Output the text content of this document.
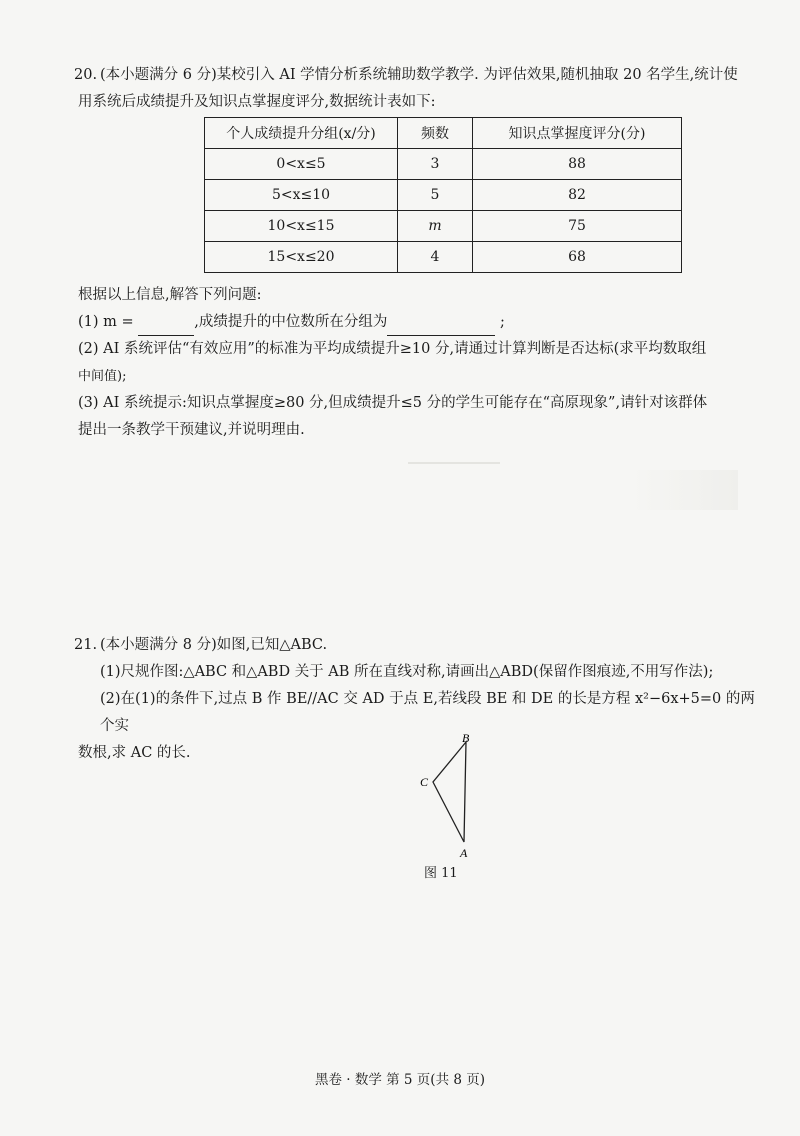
20. (本小题满分 6 分)某校引入 AI 学情分析系统辅助数学教学. 为评估效果,随机抽取 20 名学生,统计使

用系统后成绩提升及知识点掌握度评分,数据统计表如下:

个人成绩提升分组(x/分)	频数	知识点掌握度评分(分)
0<x≤5	3	88
5<x≤10	5	82
10<x≤15	m	75
15<x≤20	4	68

根据以上信息,解答下列问题:

(1) m =	,成绩提升的中位数所在分组为	;

(2) AI 系统评估“有效应用”的标准为平均成绩提升≥10 分,请通过计算判断是否达标(求平均数取组

中间值);

(3) AI 系统提示:知识点掌握度≥80 分,但成绩提升≤5 分的学生可能存在“高原现象”,请针对该群体

提出一条教学干预建议,并说明理由.

21. (本小题满分 8 分)如图,已知△ABC.

(1)尺规作图:△ABC 和△ABD 关于 AB 所在直线对称,请画出△ABD(保留作图痕迹,不用写作法);

(2)在(1)的条件下,过点 B 作 BE//AC 交 AD 于点 E,若线段 BE 和 DE 的长是方程 x²−6x+5=0 的两个实

数根,求 AC 的长.

B
C
A
图 11
黑卷 · 数学 第 5 页(共 8 页)
